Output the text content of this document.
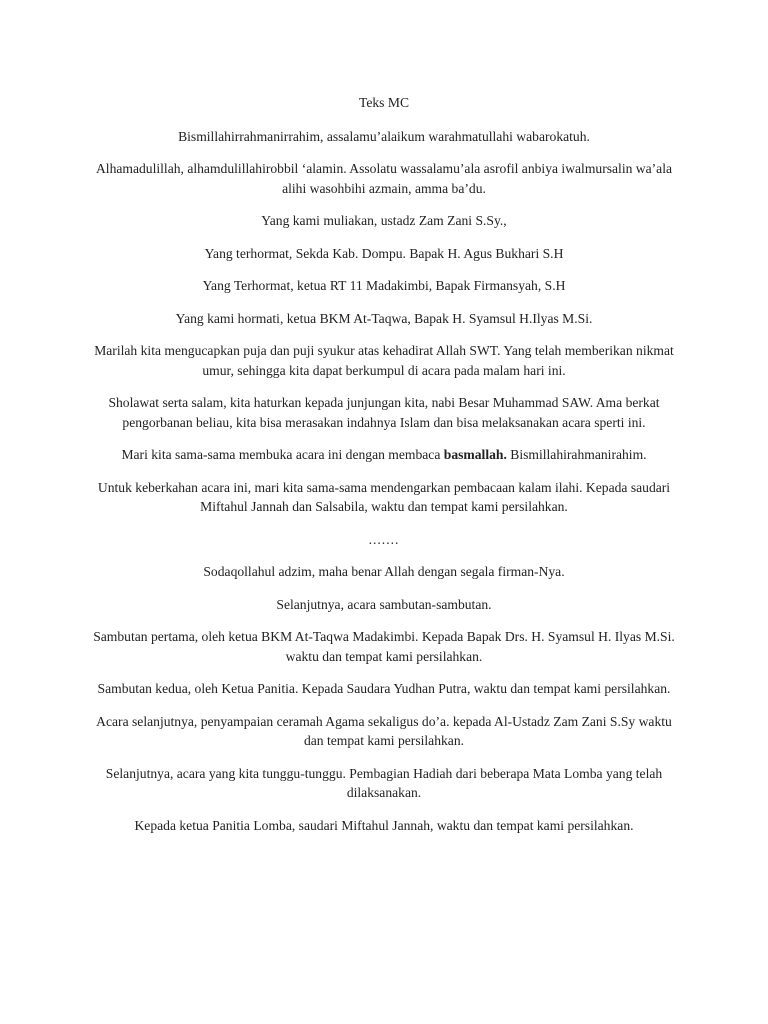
Teks MC

Bismillahirrahmanirrahim, assalamu’alaikum warahmatullahi wabarokatuh.

Alhamadulillah, alhamdulillahirobbil ‘alamin. Assolatu wassalamu’ala asrofil anbiya iwalmursalin wa’ala alihi wasohbihi azmain, amma ba’du.

Yang kami muliakan, ustadz Zam Zani S.Sy.,

Yang terhormat, Sekda Kab. Dompu. Bapak H. Agus Bukhari S.H

Yang Terhormat, ketua RT 11 Madakimbi, Bapak Firmansyah, S.H

Yang kami hormati, ketua BKM At-Taqwa, Bapak H. Syamsul H.Ilyas M.Si.

Marilah kita mengucapkan puja dan puji syukur atas kehadirat Allah SWT. Yang telah memberikan nikmat umur, sehingga kita dapat berkumpul di acara pada malam hari ini.

Sholawat serta salam, kita haturkan kepada junjungan kita, nabi Besar Muhammad SAW. Ama berkat pengorbanan beliau, kita bisa merasakan indahnya Islam dan bisa melaksanakan acara sperti ini.

Mari kita sama-sama membuka acara ini dengan membaca basmallah. Bismillahirahmanirahim.

Untuk keberkahan acara ini, mari kita sama-sama mendengarkan pembacaan kalam ilahi. Kepada saudari Miftahul Jannah dan Salsabila, waktu dan tempat kami persilahkan.

.......

Sodaqollahul adzim, maha benar Allah dengan segala firman-Nya.

Selanjutnya, acara sambutan-sambutan.

Sambutan pertama, oleh ketua BKM At-Taqwa Madakimbi. Kepada Bapak Drs. H. Syamsul H. Ilyas M.Si. waktu dan tempat kami persilahkan.

Sambutan kedua, oleh Ketua Panitia. Kepada Saudara Yudhan Putra, waktu dan tempat kami persilahkan.

Acara selanjutnya, penyampaian ceramah Agama sekaligus do’a. kepada Al-Ustadz Zam Zani S.Sy waktu dan tempat kami persilahkan.

Selanjutnya, acara yang kita tunggu-tunggu. Pembagian Hadiah dari beberapa Mata Lomba yang telah dilaksanakan.

Kepada ketua Panitia Lomba, saudari Miftahul Jannah, waktu dan tempat kami persilahkan.
